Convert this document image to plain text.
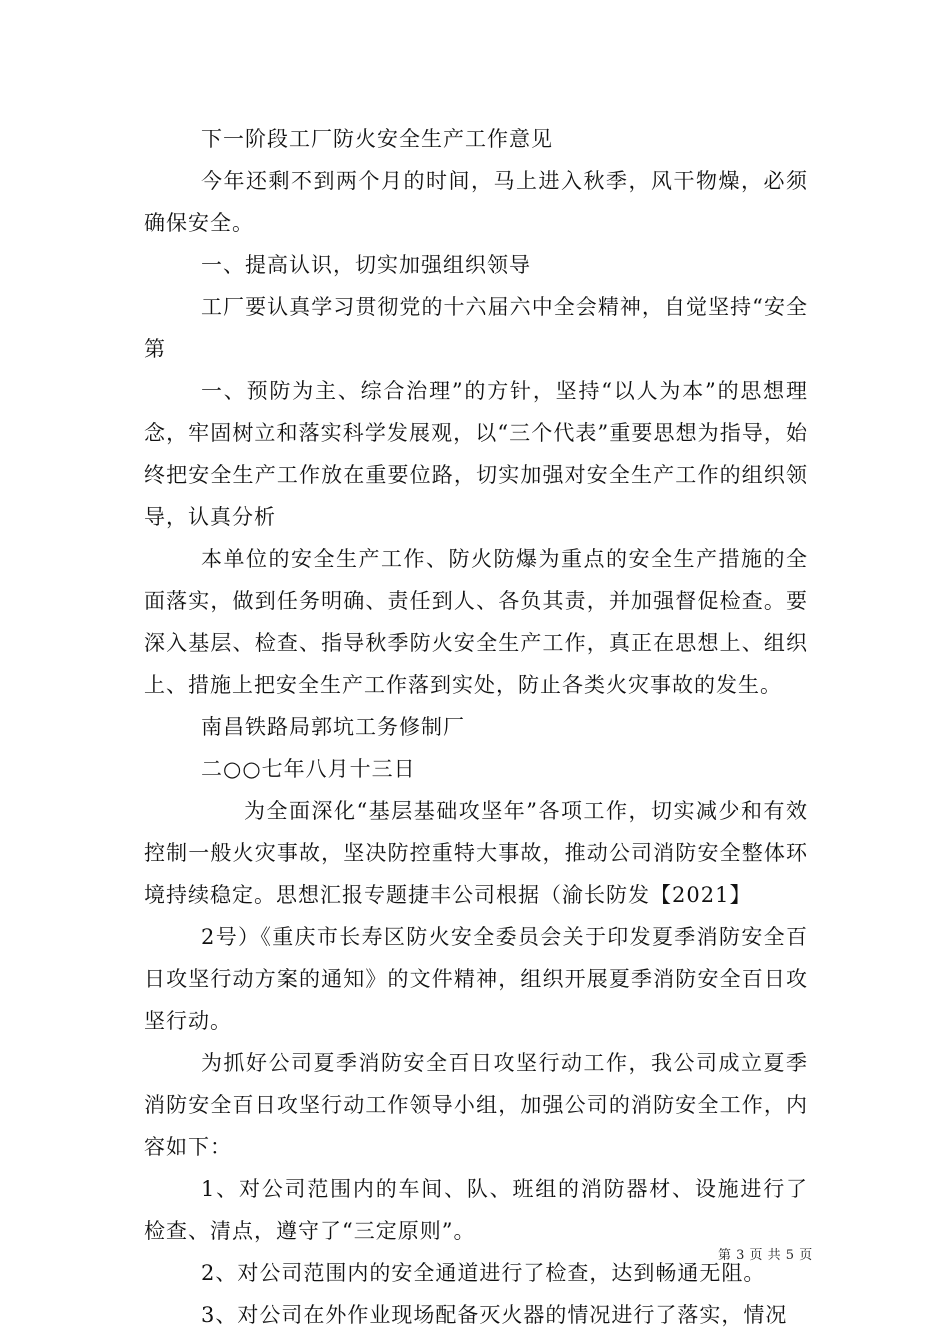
下一阶段工厂防火安全生产工作意见

今年还剩不到两个月的时间，马上进入秋季，风干物燥，必须确保安全。

一、提高认识，切实加强组织领导

工厂要认真学习贯彻党的十六届六中全会精神，自觉坚持“安全第

一、预防为主、综合治理”的方针，坚持“以人为本”的思想理念，牢固树立和落实科学发展观，以“三个代表”重要思想为指导，始终把安全生产工作放在重要位路，切实加强对安全生产工作的组织领导，认真分析

本单位的安全生产工作、防火防爆为重点的安全生产措施的全面落实，做到任务明确、责任到人、各负其责，并加强督促检查。要深入基层、检查、指导秋季防火安全生产工作，真正在思想上、组织上、措施上把安全生产工作落到实处，防止各类火灾事故的发生。

南昌铁路局郭坑工务修制厂

二○○七年八月十三日

为全面深化“基层基础攻坚年”各项工作，切实减少和有效控制一般火灾事故，坚决防控重特大事故，推动公司消防安全整体环境持续稳定。思想汇报专题捷丰公司根据（渝长防发【2021】

2号）《重庆市长寿区防火安全委员会关于印发夏季消防安全百日攻坚行动方案的通知》的文件精神，组织开展夏季消防安全百日攻坚行动。

为抓好公司夏季消防安全百日攻坚行动工作，我公司成立夏季消防安全百日攻坚行动工作领导小组，加强公司的消防安全工作，内容如下：

1、对公司范围内的车间、队、班组的消防器材、设施进行了检查、清点，遵守了“三定原则”。

2、对公司范围内的安全通道进行了检查，达到畅通无阻。

3、对公司在外作业现场配备灭火器的情况进行了落实，情况

第 3 页 共 5 页
